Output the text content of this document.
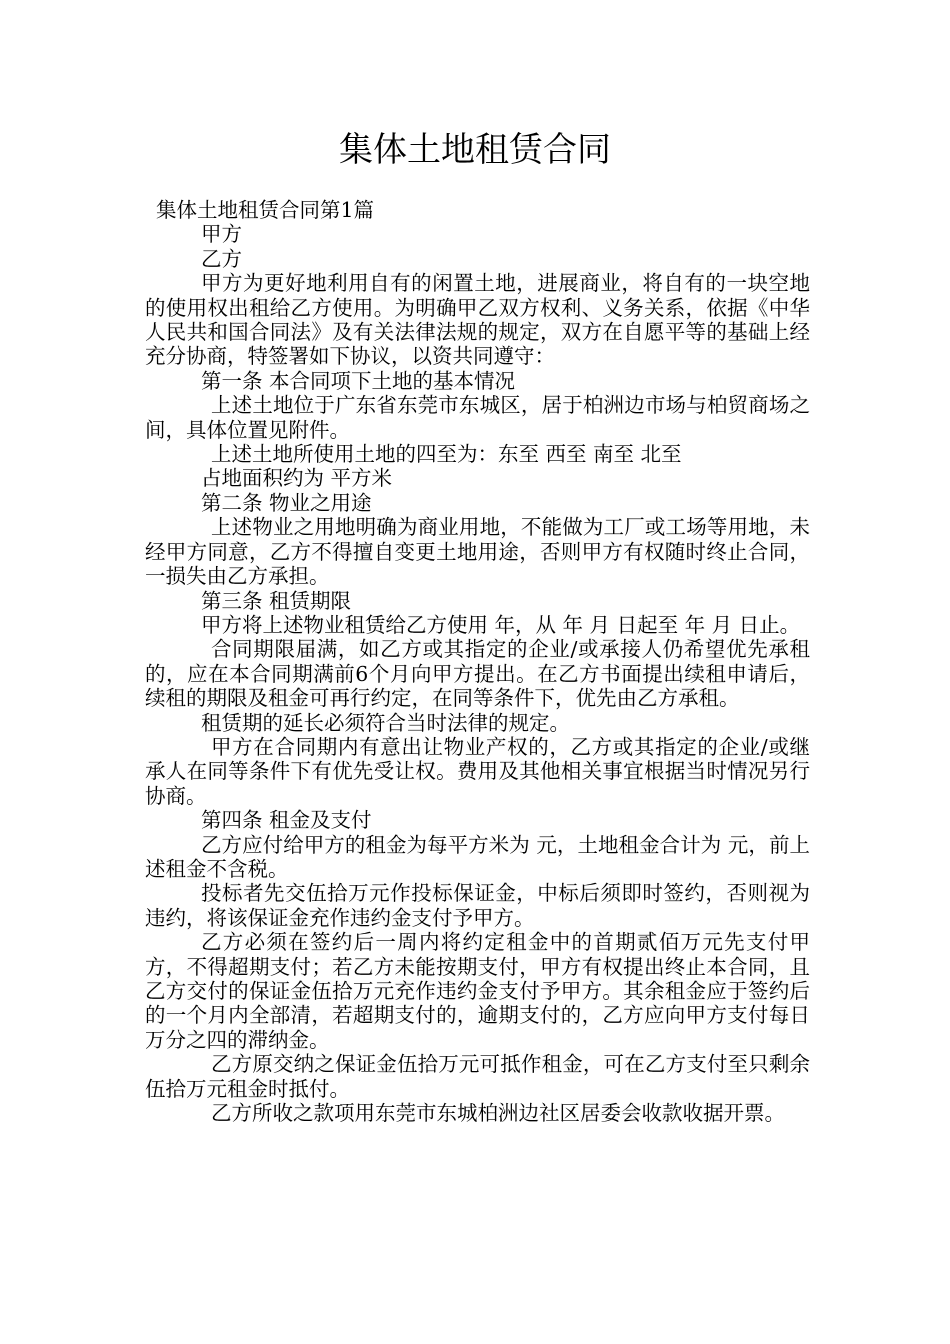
集体土地租赁合同

集体土地租赁合同第1篇

甲方

乙方

甲方为更好地利用自有的闲置土地，进展商业，将自有的一块空地的使用权出租给乙方使用。为明确甲乙双方权利、义务关系，依据《中华人民共和国合同法》及有关法律法规的规定，双方在自愿平等的基础上经充分协商，特签署如下协议，以资共同遵守：

第一条 本合同项下土地的基本情况

上述土地位于广东省东莞市东城区，居于柏洲边市场与柏贸商场之间，具体位置见附件。

上述土地所使用土地的四至为：东至 西至 南至 北至

占地面积约为 平方米

第二条 物业之用途

上述物业之用地明确为商业用地，不能做为工厂或工场等用地，未经甲方同意，乙方不得擅自变更土地用途，否则甲方有权随时终止合同，一损失由乙方承担。

第三条 租赁期限

甲方将上述物业租赁给乙方使用 年，从 年 月 日起至 年 月 日止。

合同期限届满，如乙方或其指定的企业/或承接人仍希望优先承租的，应在本合同期满前6个月向甲方提出。在乙方书面提出续租申请后，续租的期限及租金可再行约定，在同等条件下，优先由乙方承租。

租赁期的延长必须符合当时法律的规定。

甲方在合同期内有意出让物业产权的，乙方或其指定的企业/或继承人在同等条件下有优先受让权。费用及其他相关事宜根据当时情况另行协商。

第四条 租金及支付

乙方应付给甲方的租金为每平方米为 元，土地租金合计为 元，前上述租金不含税。

投标者先交伍拾万元作投标保证金，中标后须即时签约，否则视为违约，将该保证金充作违约金支付予甲方。

乙方必须在签约后一周内将约定租金中的首期贰佰万元先支付甲方，不得超期支付；若乙方未能按期支付，甲方有权提出终止本合同，且乙方交付的保证金伍拾万元充作违约金支付予甲方。其余租金应于签约后的一个月内全部清，若超期支付的，逾期支付的，乙方应向甲方支付每日万分之四的滞纳金。

乙方原交纳之保证金伍拾万元可抵作租金，可在乙方支付至只剩余伍拾万元租金时抵付。

乙方所收之款项用东莞市东城柏洲边社区居委会收款收据开票。
